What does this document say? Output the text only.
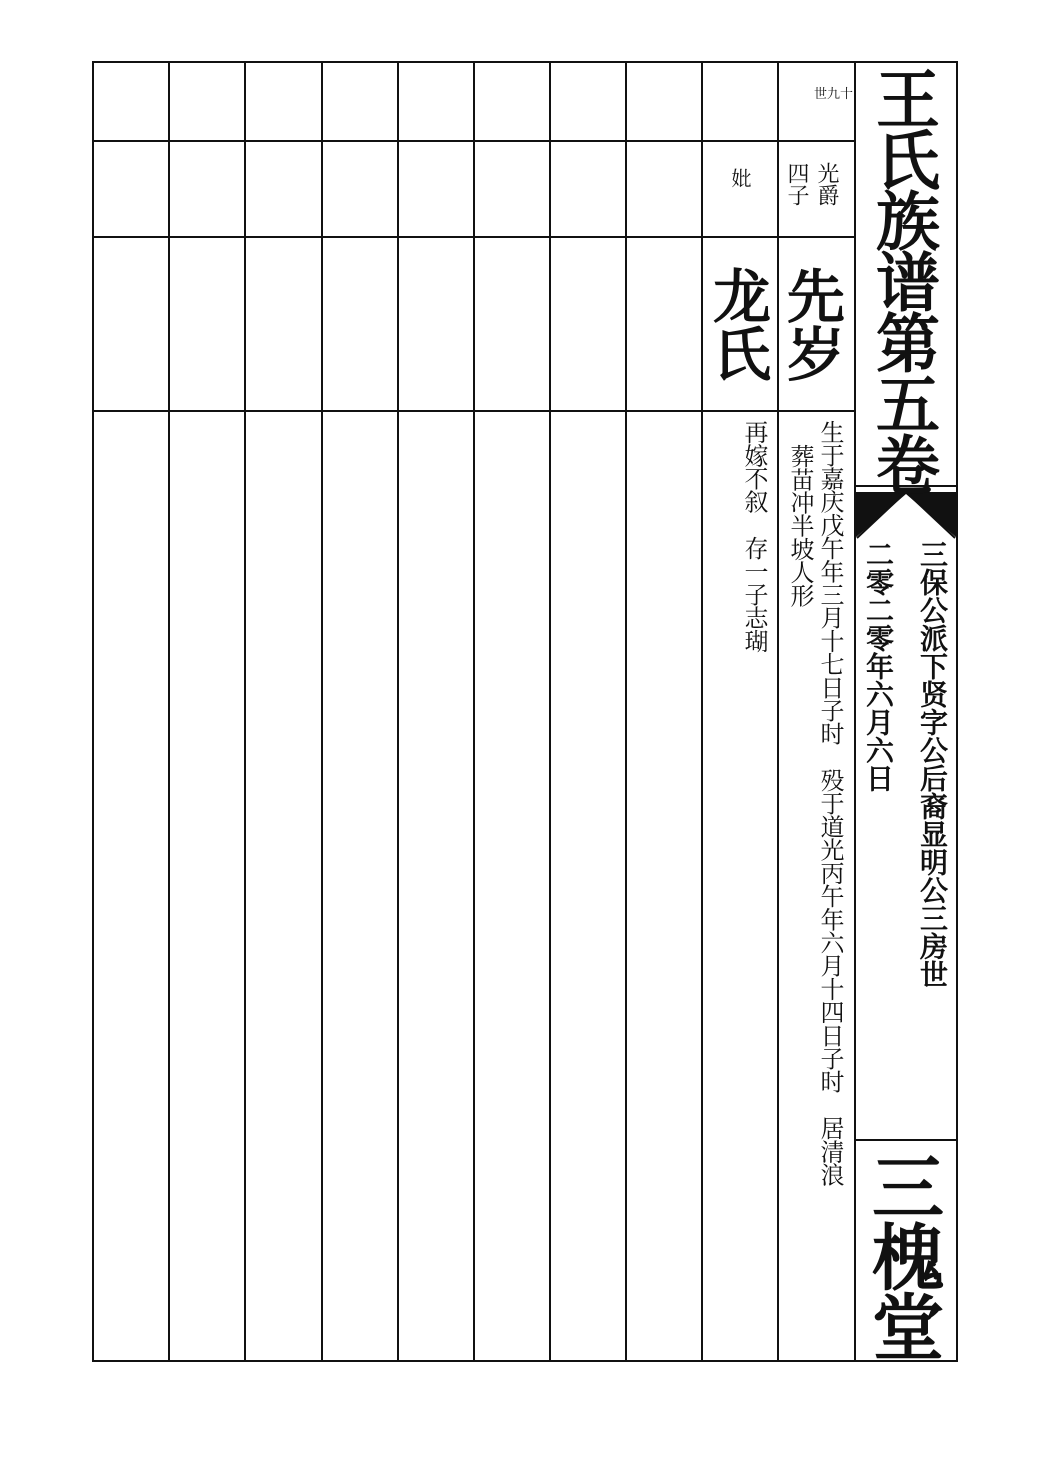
王氏族谱第五卷
三保公派下贤字公后裔显明公三房世
二零二零年六月六日
三槐堂
世九十
光爵
四子
妣
先岁
龙氏
生于嘉庆戊午年三月十七日子时　殁于道光丙午年六月十四日子时　居清浪
葬苗冲半坡人形
再嫁不叙　存一子志瑚
